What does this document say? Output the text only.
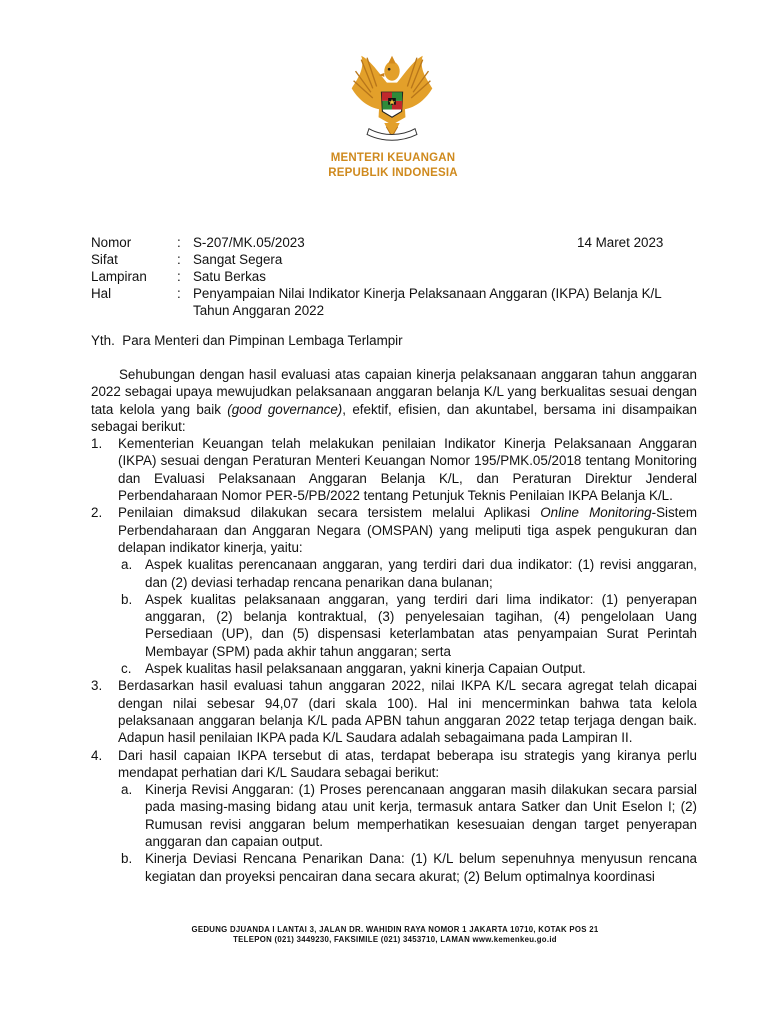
MENTERI KEUANGAN
REPUBLIK INDONESIA
Nomor	: S-207/MK.05/2023	14 Maret 2023
Sifat	: Sangat Segera
Lampiran	: Satu Berkas
Hal	: Penyampaian Nilai Indikator Kinerja Pelaksanaan Anggaran (IKPA) Belanja K/L Tahun Anggaran 2022
Yth.  Para Menteri dan Pimpinan Lembaga Terlampir

Sehubungan dengan hasil evaluasi atas capaian kinerja pelaksanaan anggaran tahun anggaran 2022 sebagai upaya mewujudkan pelaksanaan anggaran belanja K/L yang berkualitas sesuai dengan tata kelola yang baik (good governance), efektif, efisien, dan akuntabel, bersama ini disampaikan sebagai berikut:

1. Kementerian Keuangan telah melakukan penilaian Indikator Kinerja Pelaksanaan Anggaran (IKPA) sesuai dengan Peraturan Menteri Keuangan Nomor 195/PMK.05/2018 tentang Monitoring dan Evaluasi Pelaksanaan Anggaran Belanja K/L, dan Peraturan Direktur Jenderal Perbendaharaan Nomor PER-5/PB/2022 tentang Petunjuk Teknis Penilaian IKPA Belanja K/L.
2. Penilaian dimaksud dilakukan secara tersistem melalui Aplikasi Online Monitoring-Sistem Perbendaharaan dan Anggaran Negara (OMSPAN) yang meliputi tiga aspek pengukuran dan delapan indikator kinerja, yaitu:
a. Aspek kualitas perencanaan anggaran, yang terdiri dari dua indikator: (1) revisi anggaran, dan (2) deviasi terhadap rencana penarikan dana bulanan;
b. Aspek kualitas pelaksanaan anggaran, yang terdiri dari lima indikator: (1) penyerapan anggaran, (2) belanja kontraktual, (3) penyelesaian tagihan, (4) pengelolaan Uang Persediaan (UP), dan (5) dispensasi keterlambatan atas penyampaian Surat Perintah Membayar (SPM) pada akhir tahun anggaran; serta
c. Aspek kualitas hasil pelaksanaan anggaran, yakni kinerja Capaian Output.
3. Berdasarkan hasil evaluasi tahun anggaran 2022, nilai IKPA K/L secara agregat telah dicapai dengan nilai sebesar 94,07 (dari skala 100). Hal ini mencerminkan bahwa tata kelola pelaksanaan anggaran belanja K/L pada APBN tahun anggaran 2022 tetap terjaga dengan baik. Adapun hasil penilaian IKPA pada K/L Saudara adalah sebagaimana pada Lampiran II.
4. Dari hasil capaian IKPA tersebut di atas, terdapat beberapa isu strategis yang kiranya perlu mendapat perhatian dari K/L Saudara sebagai berikut:
a. Kinerja Revisi Anggaran: (1) Proses perencanaan anggaran masih dilakukan secara parsial pada masing-masing bidang atau unit kerja, termasuk antara Satker dan Unit Eselon I; (2) Rumusan revisi anggaran belum memperhatikan kesesuaian dengan target penyerapan anggaran dan capaian output.
b. Kinerja Deviasi Rencana Penarikan Dana: (1) K/L belum sepenuhnya menyusun rencana kegiatan dan proyeksi pencairan dana secara akurat; (2) Belum optimalnya koordinasi
GEDUNG DJUANDA I LANTAI 3, JALAN DR. WAHIDIN RAYA NOMOR 1 JAKARTA 10710, KOTAK POS 21
TELEPON (021) 3449230, FAKSIMILE (021) 3453710, LAMAN www.kemenkeu.go.id
